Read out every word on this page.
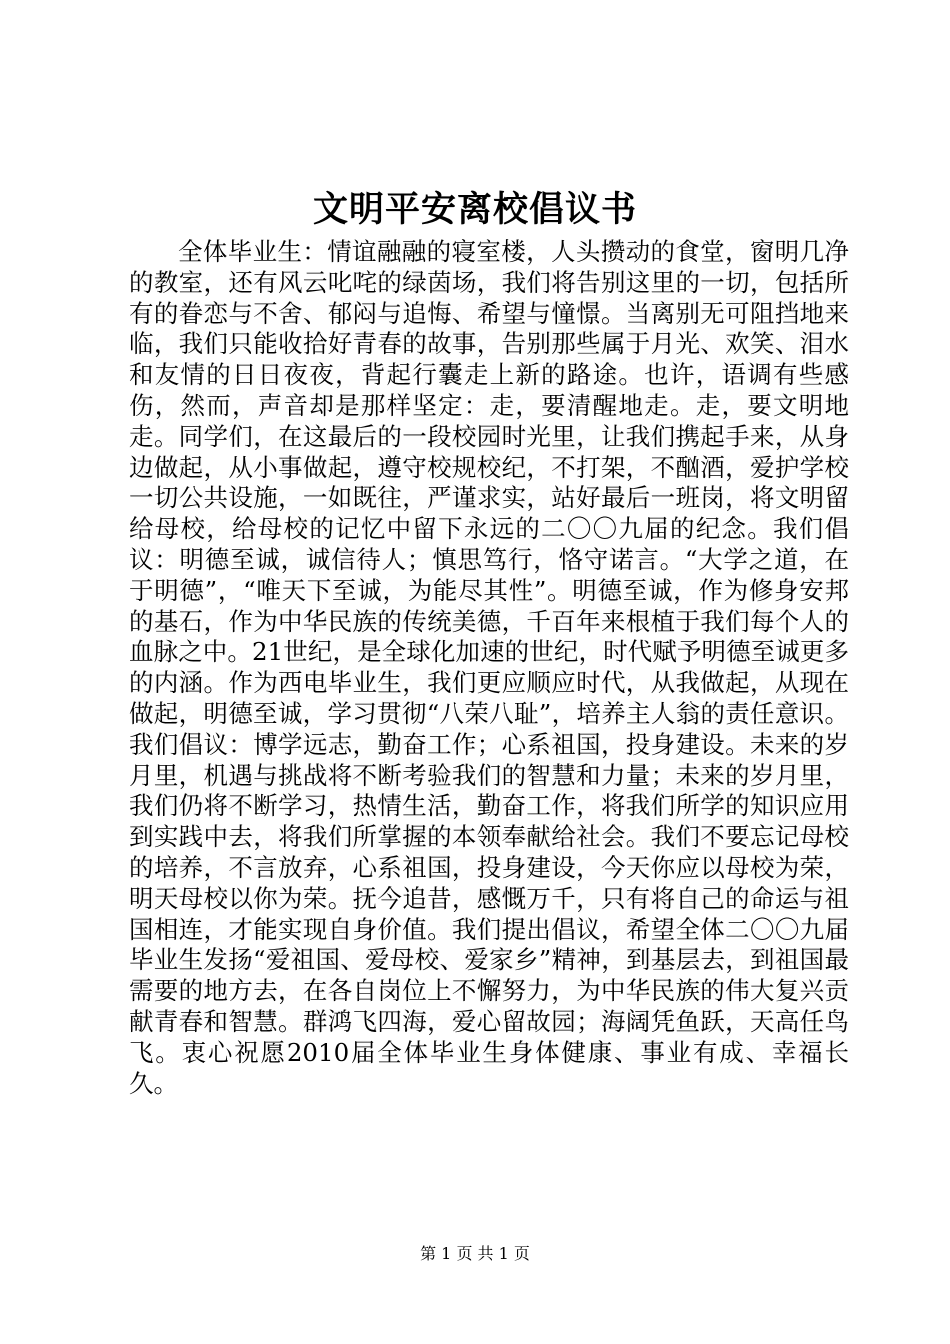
文明平安离校倡议书

全体毕业生：情谊融融的寝室楼，人头攒动的食堂，窗明几净的教室，还有风云叱咤的绿茵场，我们将告别这里的一切，包括所有的眷恋与不舍、郁闷与追悔、希望与憧憬。当离别无可阻挡地来临，我们只能收拾好青春的故事，告别那些属于月光、欢笑、泪水和友情的日日夜夜，背起行囊走上新的路途。也许，语调有些感伤，然而，声音却是那样坚定：走，要清醒地走。走，要文明地走。同学们，在这最后的一段校园时光里，让我们携起手来，从身边做起，从小事做起，遵守校规校纪，不打架，不酗酒，爱护学校一切公共设施，一如既往，严谨求实，站好最后一班岗，将文明留给母校，给母校的记忆中留下永远的二〇〇九届的纪念。我们倡议：明德至诚，诚信待人；慎思笃行，恪守诺言。“大学之道，在于明德”，“唯天下至诚，为能尽其性”。明德至诚，作为修身安邦的基石，作为中华民族的传统美德，千百年来根植于我们每个人的血脉之中。21世纪，是全球化加速的世纪，时代赋予明德至诚更多的内涵。作为西电毕业生，我们更应顺应时代，从我做起，从现在做起，明德至诚，学习贯彻“八荣八耻”，培养主人翁的责任意识。我们倡议：博学远志，勤奋工作；心系祖国，投身建设。未来的岁月里，机遇与挑战将不断考验我们的智慧和力量；未来的岁月里，我们仍将不断学习，热情生活，勤奋工作，将我们所学的知识应用到实践中去，将我们所掌握的本领奉献给社会。我们不要忘记母校的培养，不言放弃，心系祖国，投身建设，今天你应以母校为荣，明天母校以你为荣。抚今追昔，感慨万千，只有将自己的命运与祖国相连，才能实现自身价值。我们提出倡议，希望全体二〇〇九届毕业生发扬“爱祖国、爱母校、爱家乡”精神，到基层去，到祖国最需要的地方去，在各自岗位上不懈努力，为中华民族的伟大复兴贡献青春和智慧。群鸿飞四海，爱心留故园；海阔凭鱼跃，天高任鸟飞。衷心祝愿2010届全体毕业生身体健康、事业有成、幸福长久。

第 1 页 共 1 页
